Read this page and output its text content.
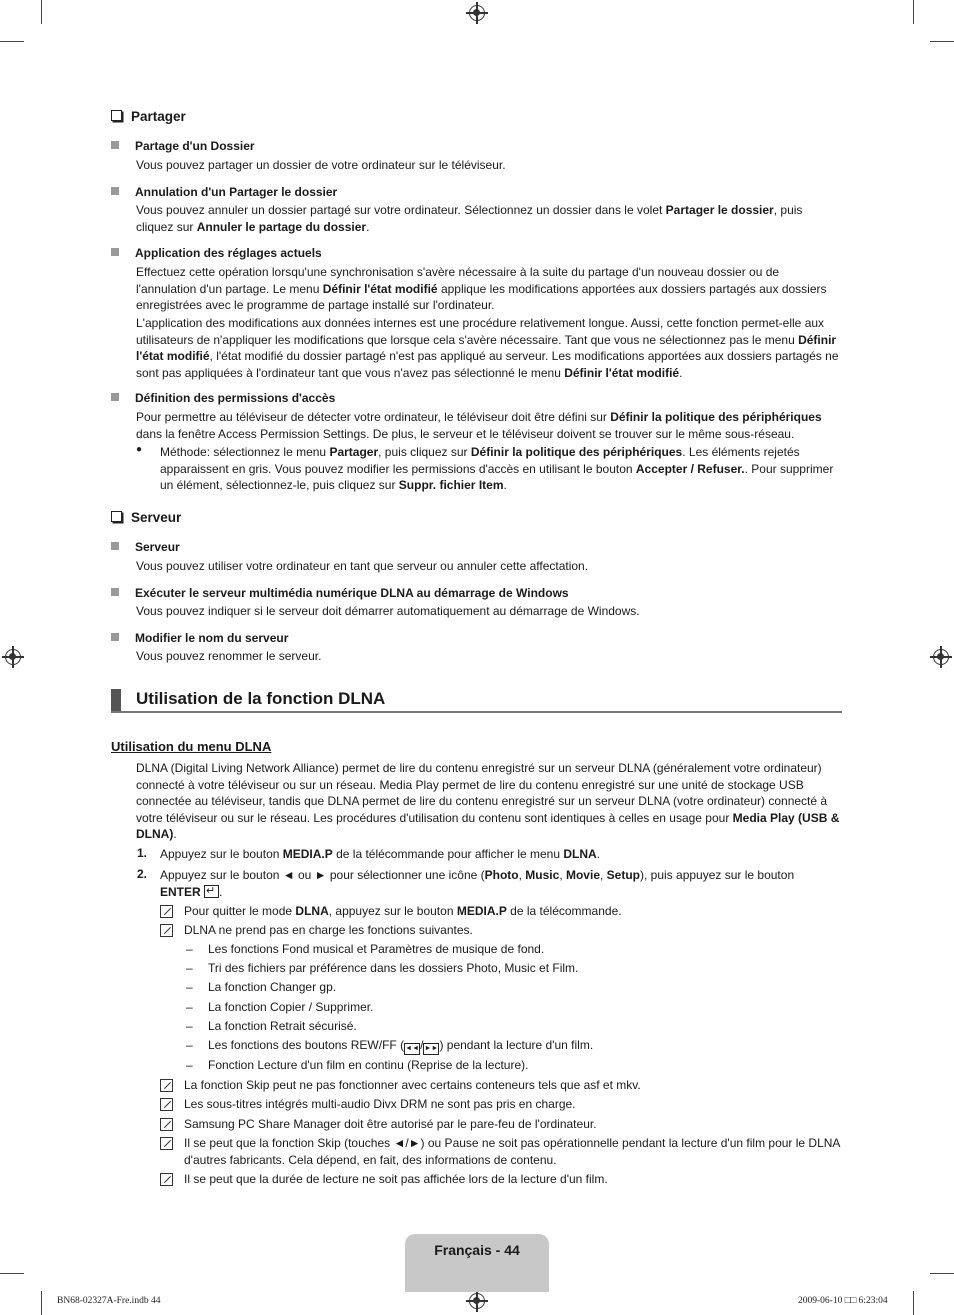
Partager
Partage d'un Dossier
Vous pouvez partager un dossier de votre ordinateur sur le téléviseur.
Annulation d'un Partager le dossier
Vous pouvez annuler un dossier partagé sur votre ordinateur. Sélectionnez un dossier dans le volet Partager le dossier, puis cliquez sur Annuler le partage du dossier.
Application des réglages actuels
Effectuez cette opération lorsqu'une synchronisation s'avère nécessaire à la suite du partage d'un nouveau dossier ou de l'annulation d'un partage. Le menu Définir l'état modifié applique les modifications apportées aux dossiers partagés aux dossiers enregistrées avec le programme de partage installé sur l'ordinateur.
L'application des modifications aux données internes est une procédure relativement longue. Aussi, cette fonction permet-elle aux utilisateurs de n'appliquer les modifications que lorsque cela s'avère nécessaire. Tant que vous ne sélectionnez pas le menu Définir l'état modifié, l'état modifié du dossier partagé n'est pas appliqué au serveur. Les modifications apportées aux dossiers partagés ne sont pas appliquées à l'ordinateur tant que vous n'avez pas sélectionné le menu Définir l'état modifié.
Définition des permissions d'accès
Pour permettre au téléviseur de détecter votre ordinateur, le téléviseur doit être défini sur Définir la politique des périphériques dans la fenêtre Access Permission Settings. De plus, le serveur et le téléviseur doivent se trouver sur le même sous-réseau.
● Méthode: sélectionnez le menu Partager, puis cliquez sur Définir la politique des périphériques. Les éléments rejetés apparaissent en gris. Vous pouvez modifier les permissions d'accès en utilisant le bouton Accepter / Refuser.. Pour supprimer un élément, sélectionnez-le, puis cliquez sur Suppr. fichier Item.
Serveur
Serveur
Vous pouvez utiliser votre ordinateur en tant que serveur ou annuler cette affectation.
Exécuter le serveur multimédia numérique DLNA au démarrage de Windows
Vous pouvez indiquer si le serveur doit démarrer automatiquement au démarrage de Windows.
Modifier le nom du serveur
Vous pouvez renommer le serveur.
Utilisation de la fonction DLNA
Utilisation du menu DLNA
DLNA (Digital Living Network Alliance) permet de lire du contenu enregistré sur un serveur DLNA (généralement votre ordinateur) connecté à votre téléviseur ou sur un réseau. Media Play permet de lire du contenu enregistré sur une unité de stockage USB connectée au téléviseur, tandis que DLNA permet de lire du contenu enregistré sur un serveur DLNA (votre ordinateur) connecté à votre téléviseur ou sur le réseau. Les procédures d'utilisation du contenu sont identiques à celles en usage pour Media Play (USB & DLNA).
1. Appuyez sur le bouton MEDIA.P de la télécommande pour afficher le menu DLNA.
2. Appuyez sur le bouton ◄ ou ► pour sélectionner une icône (Photo, Music, Movie, Setup), puis appuyez sur le bouton ENTER ↵ .
Pour quitter le mode DLNA, appuyez sur le bouton MEDIA.P de la télécommande.
DLNA ne prend pas en charge les fonctions suivantes.
– Les fonctions Fond musical et Paramètres de musique de fond.
– Tri des fichiers par préférence dans les dossiers Photo, Music et Film.
– La fonction Changer gp.
– La fonction Copier / Supprimer.
– La fonction Retrait sécurisé.
– Les fonctions des boutons REW/FF (◄◄/►►) pendant la lecture d'un film.
– Fonction Lecture d'un film en continu (Reprise de la lecture).
La fonction Skip peut ne pas fonctionner avec certains conteneurs tels que asf et mkv.
Les sous-titres intégrés multi-audio Divx DRM ne sont pas pris en charge.
Samsung PC Share Manager doit être autorisé par le pare-feu de l'ordinateur.
Il se peut que la fonction Skip (touches ◄/►) ou Pause ne soit pas opérationnelle pendant la lecture d'un film pour le DLNA d'autres fabricants. Cela dépend, en fait, des informations de contenu.
Il se peut que la durée de lecture ne soit pas affichée lors de la lecture d'un film.
Français - 44
BN68-02327A-Fre.indb 44	2009-06-10 □□ 6:23:04
